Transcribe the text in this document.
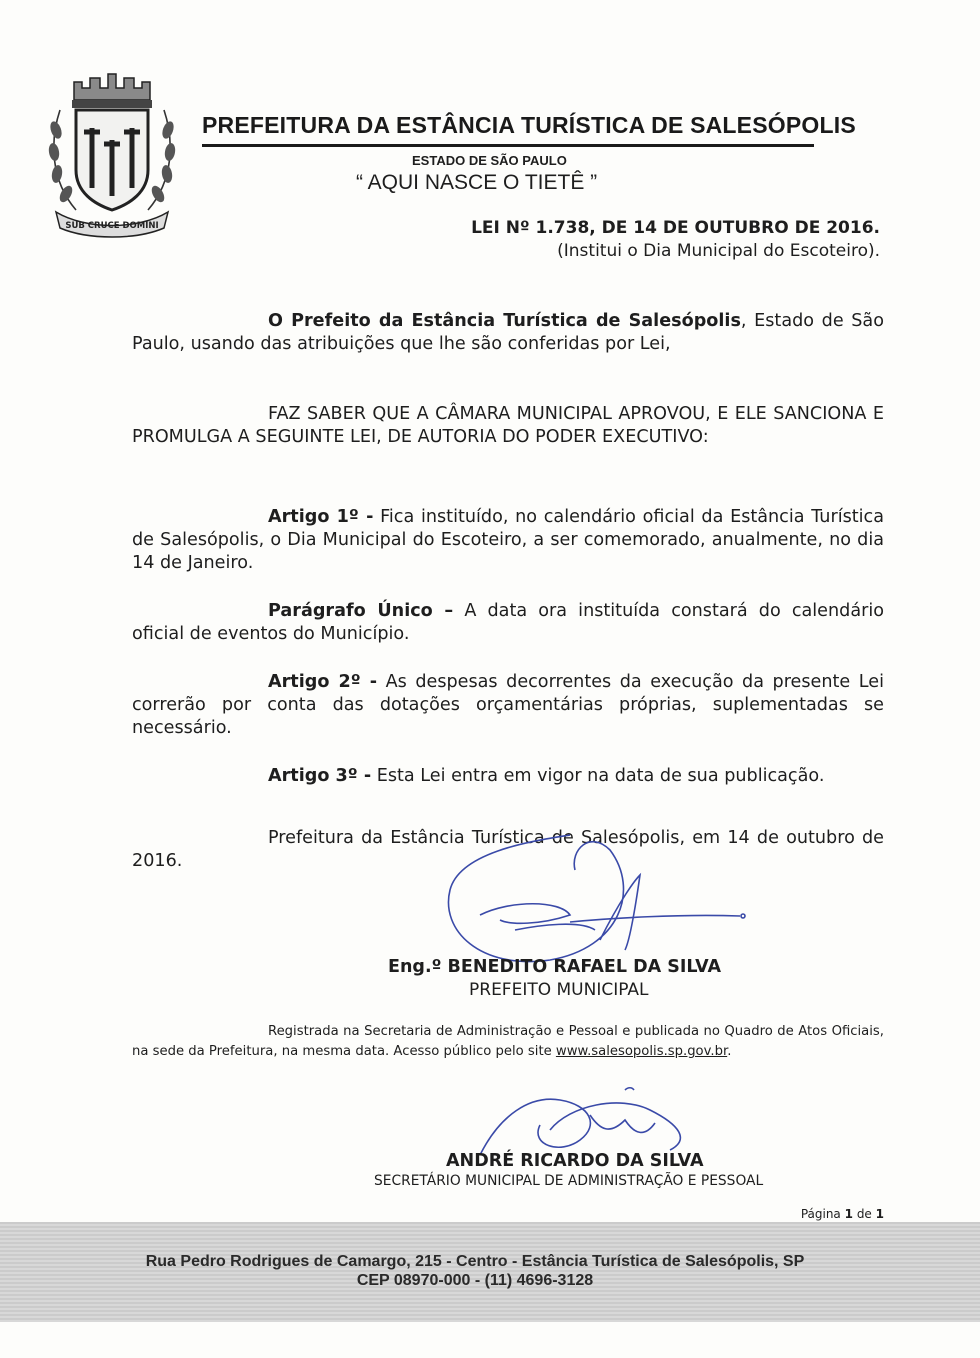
SUB CRUCE DOMINI
PREFEITURA DA ESTÂNCIA TURÍSTICA DE SALESÓPOLIS
ESTADO DE SÃO PAULO
“ AQUI NASCE O TIETÊ ”
LEI Nº 1.738, DE 14 DE OUTUBRO DE 2016.
(Institui o Dia Municipal do Escoteiro).

O Prefeito da Estância Turística de Salesópolis, Estado de São Paulo, usando das atribuições que lhe são conferidas por Lei,

FAZ SABER QUE A CÂMARA MUNICIPAL APROVOU, E ELE SANCIONA E PROMULGA A SEGUINTE LEI, DE AUTORIA DO PODER EXECUTIVO:

Artigo 1º - Fica instituído, no calendário oficial da Estância Turística de Salesópolis, o Dia Municipal do Escoteiro, a ser comemorado, anualmente, no dia 14 de Janeiro.

Parágrafo Único – A data ora instituída constará do calendário oficial de eventos do Município.

Artigo 2º - As despesas decorrentes da execução da presente Lei correrão por conta das dotações orçamentárias próprias, suplementadas se necessário.

Artigo 3º - Esta Lei entra em vigor na data de sua publicação.

Prefeitura da Estância Turística de Salesópolis, em 14 de outubro de 2016.

Eng.º BENEDITO RAFAEL DA SILVA
PREFEITO MUNICIPAL

Registrada na Secretaria de Administração e Pessoal e publicada no Quadro de Atos Oficiais, na sede da Prefeitura, na mesma data. Acesso público pelo site www.salesopolis.sp.gov.br.

ANDRÉ RICARDO DA SILVA
SECRETÁRIO MUNICIPAL DE ADMINISTRAÇÃO E PESSOAL
Página 1 de 1
Rua Pedro Rodrigues de Camargo, 215 - Centro - Estância Turística de Salesópolis, SP
CEP 08970-000 - (11) 4696-3128
